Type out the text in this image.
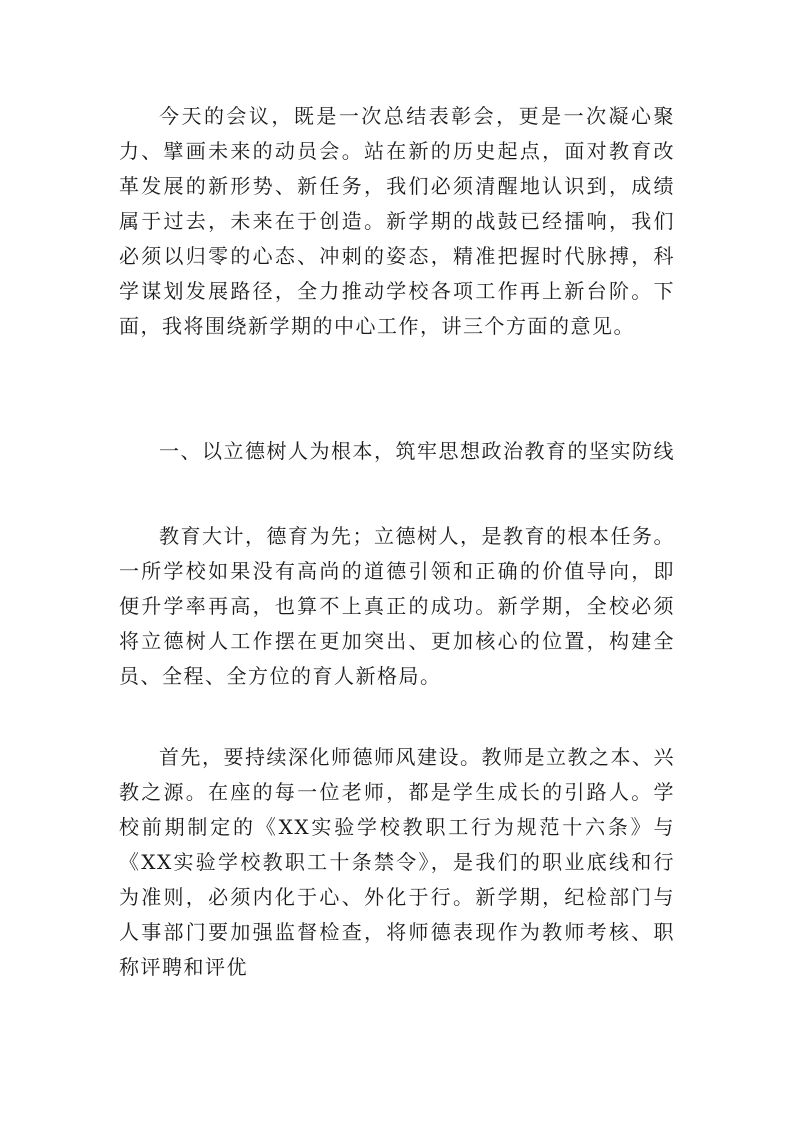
今天的会议，既是一次总结表彰会，更是一次凝心聚力、擘画未来的动员会。站在新的历史起点，面对教育改革发展的新形势、新任务，我们必须清醒地认识到，成绩属于过去，未来在于创造。新学期的战鼓已经擂响，我们必须以归零的心态、冲刺的姿态，精准把握时代脉搏，科学谋划发展路径，全力推动学校各项工作再上新台阶。下面，我将围绕新学期的中心工作，讲三个方面的意见。

一、以立德树人为根本，筑牢思想政治教育的坚实防线

教育大计，德育为先；立德树人，是教育的根本任务。一所学校如果没有高尚的道德引领和正确的价值导向，即便升学率再高，也算不上真正的成功。新学期，全校必须将立德树人工作摆在更加突出、更加核心的位置，构建全员、全程、全方位的育人新格局。

首先，要持续深化师德师风建设。教师是立教之本、兴教之源。在座的每一位老师，都是学生成长的引路人。学校前期制定的《XX实验学校教职工行为规范十六条》与《XX实验学校教职工十条禁令》，是我们的职业底线和行为准则，必须内化于心、外化于行。新学期，纪检部门与人事部门要加强监督检查，将师德表现作为教师考核、职称评聘和评优
